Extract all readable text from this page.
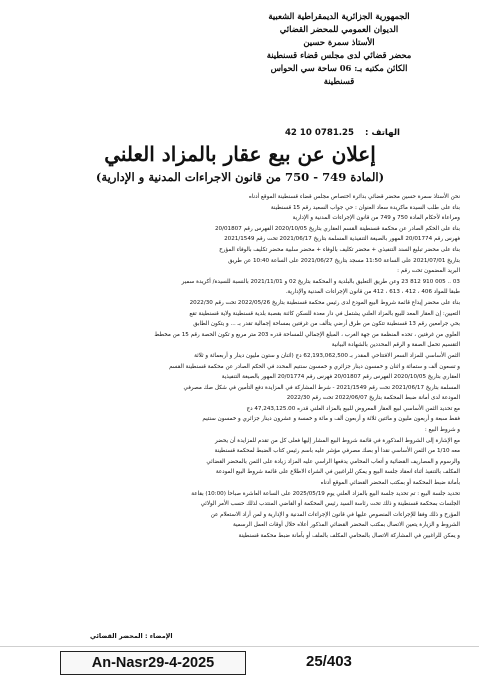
الجمهورية الجزائرية الديمقراطية الشعبية
الديوان العمومي للمحضر القضائي
الأستاذ سمرة حسين
محضر قضائي لدى مجلس قضاء قسنطينة
الكائن مكتبه بـ: 06 ساحة سي الحواس
قسنطينة
الهاتف : 0781.25 10 42
إعلان عن بيع عقار بالمزاد العلني
(المادة 749 - 750 من قانون الاجراءات المدنية و الإدارية)

نحن الأستاذ سمرة حسين محضر قضائي بدائرة اختصاص مجلس قضاء قسنطينة الموقع أدناه

بناء على طلب السيدة ماكريدة سعاد العنوان : حي جواب السعيد رقم 15 قسنطينة

ومراعاة لأحكام المادة 750 و 749 من قانون الإجراءات المدنية و الإدارية

بناء على الحكم الصادر عن محكمة قسنطينة القسم العقاري بتاريخ 2020/10/05 الفهرس رقم 20/01807

فهرس رقم 20/01774 المهور بالصيغة التنفيذية المسلمة بتاريخ 2021/06/17 تحت رقم 2021/1549

بناء على محضر تبليغ السند التنفيذي + محضر تكليف بالوفاء + محضر سلبية محضر تكليف بالوفاء المؤرخ

بتاريخ 2021/07/01 على الساعة 11:50 مسجد بتاريخ 2021/06/27 على الساعة 10:40 عن طريق

البريد المضمون تحت رقم :

03 .. 005 910 812 23 وعن طريق التعليق بالبلدية و المحكمة بتاريخ 02 و 2021/11/01 بالنسبة للسيدة/ أكريدة سمير

طبقا للمواد 406 ، 412 ، 613 ، 412 من قانون الإجراءات المدنية والإدارية.

بناء على محضر إيداع قائمة شروط البيع المودع لدى رئيس محكمة قسنطينة بتاريخ 2022/05/26 تحت رقم 2022/30

التعيين: إن العقار المعد للبيع بالمزاد العلني يشتمل في دار معدة للسكن كائنة بقصبة بلدية قسنطينة ولاية قسنطينة تقع

بحي جرامعين رقم 13 قسنطينة تتكون من طرق أرضي يتألف من غرفتين بمساحة إجمالية تقدر بـ ... و يتكون الطابق

العلوي من غرفتين ، تحده المنظمة من جهة الغرب ، المبلغ الإجمالي للمساحة قدره 203 متر مربع و تكون الحصة رقم 15 من مخطط

التقسيم تحمل الصفة و الرقم المحددين بالشهادة البيانية

الثمن الأساسي للمزاد السعر الافتتاحي المقدر بـ 62,193,062,500 دج (اثنان و ستون مليون دينار و أربعمائة و ثلاثة

و تسعون ألف و ستمائة و اثنان و خمسون دينار جزائري و خمسون سنتيم المحدد في الحكم الصادر عن محكمة قسنطينة القسم

العقاري بتاريخ 2020/10/05 الفهرس رقم 20/01807 فهرس رقم 20/01774 المهور بالصيغة التنفيذية

المسلمة بتاريخ 2021/06/17 تحت رقم 2021/1549 - شرط المشاركة في المزايدة دفع التأمين في شكل صك مصرفي

المودعة لدى أمانة ضبط المحكمة بتاريخ 2022/06/07 تحت رقم 2022/30

مع تحديد الثمن الأساسي لبيع العقار المعروض للبيع بالمزاد العلني قدره 47,243,125.00 دج

فقط سبعة و أربعون مليون و مائتين ثلاثة و أربعون ألف و مائة و خمسة و عشرون دينار جزائري و خمسون سنتيم

و شروط البيع :

مع الإشارة إلى الشروط المذكورة في قائمة شروط البيع المشار إليها فعلى كل من تقدم للمزايدة أن يحضر

معه 1/10 من الثمن الأساسي نقدا أو بصك مصرفي مؤشر عليه باسم رئيس كتاب الضبط لمحكمة قسنطينة

والرسوم و المصاريف القضائية و أتعاب المحامي يدفعها الراسي عليه المزاد زيادة على الثمن بالمحضر القضائي

المكلف بالتنفيذ أثناء انعقاد جلسة البيع و يمكن للراغبين في الشراء الاطلاع على قائمة شروط البيع المودعة

بأمانة ضبط المحكمة أو بمكتب المحضر القضائي الموقع أدناه

تحديد جلسة البيع : تم تحديد جلسة البيع بالمزاد العلني يوم 2025/05/19 على الساعة العاشرة صباحا (10:00) بقاعة

الجلسات بمحكمة قسنطينة و ذلك تحت رئاسة السيد رئيس المحكمة أو القاضي المنتدب لذلك حسب الأمر الولائي

المؤرخ و ذلك وفقا للإجراءات المنصوص عليها في قانون الإجراءات المدنية و الإدارية و لمن أراد الاستعلام عن

الشروط و الزيارة يتعين الاتصال بمكتب المحضر القضائي المذكور أعلاه خلال أوقات العمل الرسمية

و يمكن للراغبين في المشاركة الاتصال بالمحامي المكلف بالملف أو بأمانة ضبط محكمة قسنطينة

الإمضاء : المحضر القضائي
An-Nasr29-4-2025	25/403
